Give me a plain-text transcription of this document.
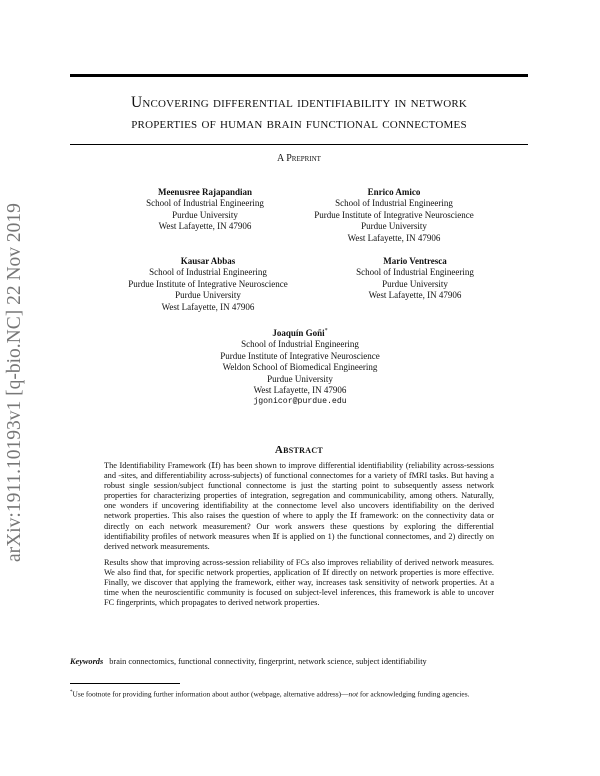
Uncovering differential identifiability in network
properties of human brain functional connectomes
A Preprint
arXiv:1911.10193v1 [q-bio.NC] 22 Nov 2019
Meenusree Rajapandian
School of Industrial Engineering
Purdue University
West Lafayette, IN 47906
Enrico Amico
School of Industrial Engineering
Purdue Institute of Integrative Neuroscience
Purdue University
West Lafayette, IN 47906
Kausar Abbas
School of Industrial Engineering
Purdue Institute of Integrative Neuroscience
Purdue University
West Lafayette, IN 47906
Mario Ventresca
School of Industrial Engineering
Purdue University
West Lafayette, IN 47906
Joaquín Goñi*
School of Industrial Engineering
Purdue Institute of Integrative Neuroscience
Weldon School of Biomedical Engineering
Purdue University
West Lafayette, IN 47906
jgonicor@purdue.edu
Abstract

The Identifiability Framework (𝕀f) has been shown to improve differential identifiability (reliability across-sessions and -sites, and differentiability across-subjects) of functional connectomes for a variety of fMRI tasks. But having a robust single session/subject functional connectome is just the starting point to subsequently assess network properties for characterizing properties of integration, segregation and communicability, among others. Naturally, one wonders if uncovering identifiability at the connectome level also uncovers identifiability on the derived network properties. This also raises the question of where to apply the 𝕀f framework: on the connectivity data or directly on each network measurement? Our work answers these questions by exploring the differential identifiability profiles of network measures when 𝕀f is applied on 1) the functional connectomes, and 2) directly on derived network measurements.

Results show that improving across-session reliability of FCs also improves reliability of derived network measures. We also find that, for specific network properties, application of 𝕀f directly on network properties is more effective. Finally, we discover that applying the framework, either way, increases task sensitivity of network properties. At a time when the neuroscientific community is focused on subject-level inferences, this framework is able to uncover FC fingerprints, which propagates to derived network properties.

Keywords brain connectomics, functional connectivity, fingerprint, network science, subject identifiability
*Use footnote for providing further information about author (webpage, alternative address)—not for acknowledging funding agencies.
